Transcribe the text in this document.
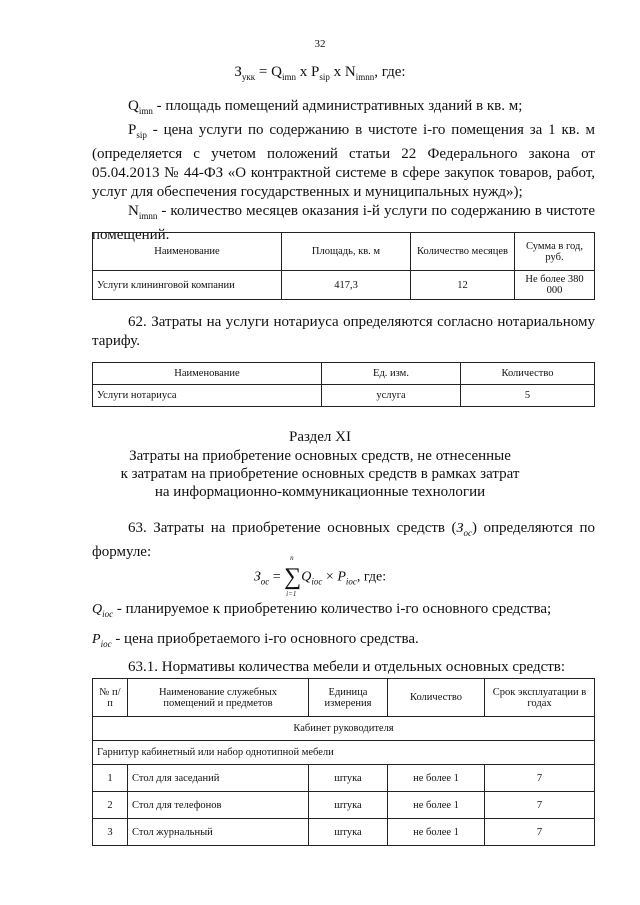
32
$З_{укк} = Q_{imn}$ x $P_{sip}$ x $N_{imnn}$, где:

$Q_{imn}$ - площадь помещений административных зданий в кв. м;

$P_{sip}$ - цена услуги по содержанию в чистоте i-го помещения за 1 кв. м (определяется с учетом положений статьи 22 Федерального закона от 05.04.2013 № 44-ФЗ «О контрактной системе в сфере закупок товаров, работ, услуг для обеспечения государственных и муниципальных нужд»);

$N_{imnn}$ - количество месяцев оказания i-й услуги по содержанию в чистоте помещений.

Наименование	Площадь, кв. м	Количество месяцев	Сумма в год, руб.
Услуги клининговой компании	417,3	12	Не более 380 000

62. Затраты на услуги нотариуса определяются согласно нотариальному тарифу.

Наименование	Ед. изм.	Количество
Услуги нотариуса	услуга	5
Раздел XI
Затраты на приобретение основных средств, не отнесенные
к затратам на приобретение основных средств в рамках затрат
на информационно-коммуникационные технологии

63. Затраты на приобретение основных средств $(З_{ос})$ определяются по формуле:

$З_{ос}$ = ∑
n
i=1
$Q_{iос} \times P_{iос}$, где:

$Q_{iос}$ - планируемое к приобретению количество i-го основного средства;

$P_{iос}$ - цена приобретаемого i-го основного средства.

63.1. Нормативы количества мебели и отдельных основных средств:

№ п/п	Наименование служебных помещений и предметов	Единица измерения	Количество	Срок эксплуатации в годах
Кабинет руководителя				
Гарнитур кабинетный или набор однотипной мебели				
1	Стол для заседаний	штука	не более 1	7
2	Стол для телефонов	штука	не более 1	7
3	Стол журнальный	штука	не более 1	7
